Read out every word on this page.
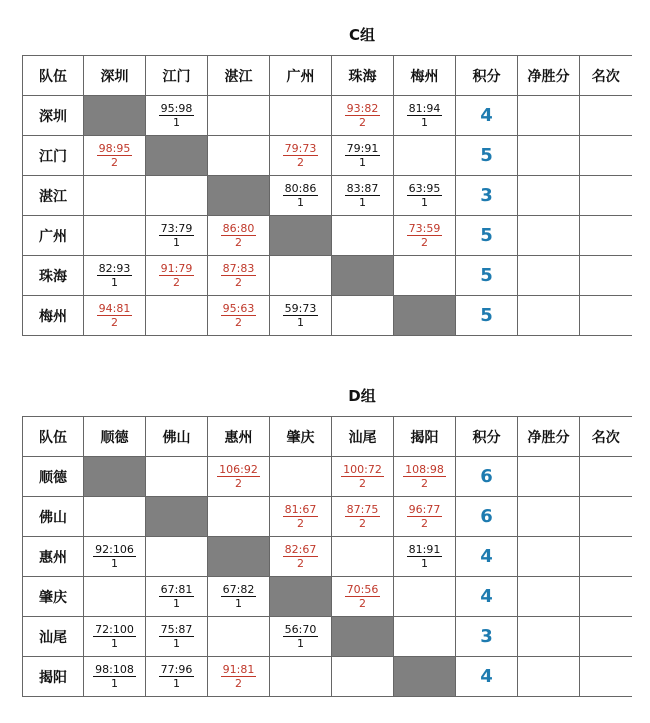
C组
队伍	深圳	江门	湛江	广州	珠海	梅州	积分	净胜分	名次
深圳		$\frac{95:98}{1}$			$\frac{93:82}{2}$	$\frac{81:94}{1}$	4		
江门	$\frac{98:95}{2}$			$\frac{79:73}{2}$	$\frac{79:91}{1}$		5		
湛江				$\frac{80:86}{1}$	$\frac{83:87}{1}$	$\frac{63:95}{1}$	3		
广州		$\frac{73:79}{1}$	$\frac{86:80}{2}$			$\frac{73:59}{2}$	5		
珠海	$\frac{82:93}{1}$	$\frac{91:79}{2}$	$\frac{87:83}{2}$				5		
梅州	$\frac{94:81}{2}$		$\frac{95:63}{2}$	$\frac{59:73}{1}$			5		
D组
队伍	顺德	佛山	惠州	肇庆	汕尾	揭阳	积分	净胜分	名次
顺德			$\frac{106:92}{2}$		$\frac{100:72}{2}$	$\frac{108:98}{2}$	6		
佛山				$\frac{81:67}{2}$	$\frac{87:75}{2}$	$\frac{96:77}{2}$	6		
惠州	$\frac{92:106}{1}$			$\frac{82:67}{2}$		$\frac{81:91}{1}$	4		
肇庆		$\frac{67:81}{1}$	$\frac{67:82}{1}$		$\frac{70:56}{2}$		4		
汕尾	$\frac{72:100}{1}$	$\frac{75:87}{1}$		$\frac{56:70}{1}$			3		
揭阳	$\frac{98:108}{1}$	$\frac{77:96}{1}$	$\frac{91:81}{2}$				4		
